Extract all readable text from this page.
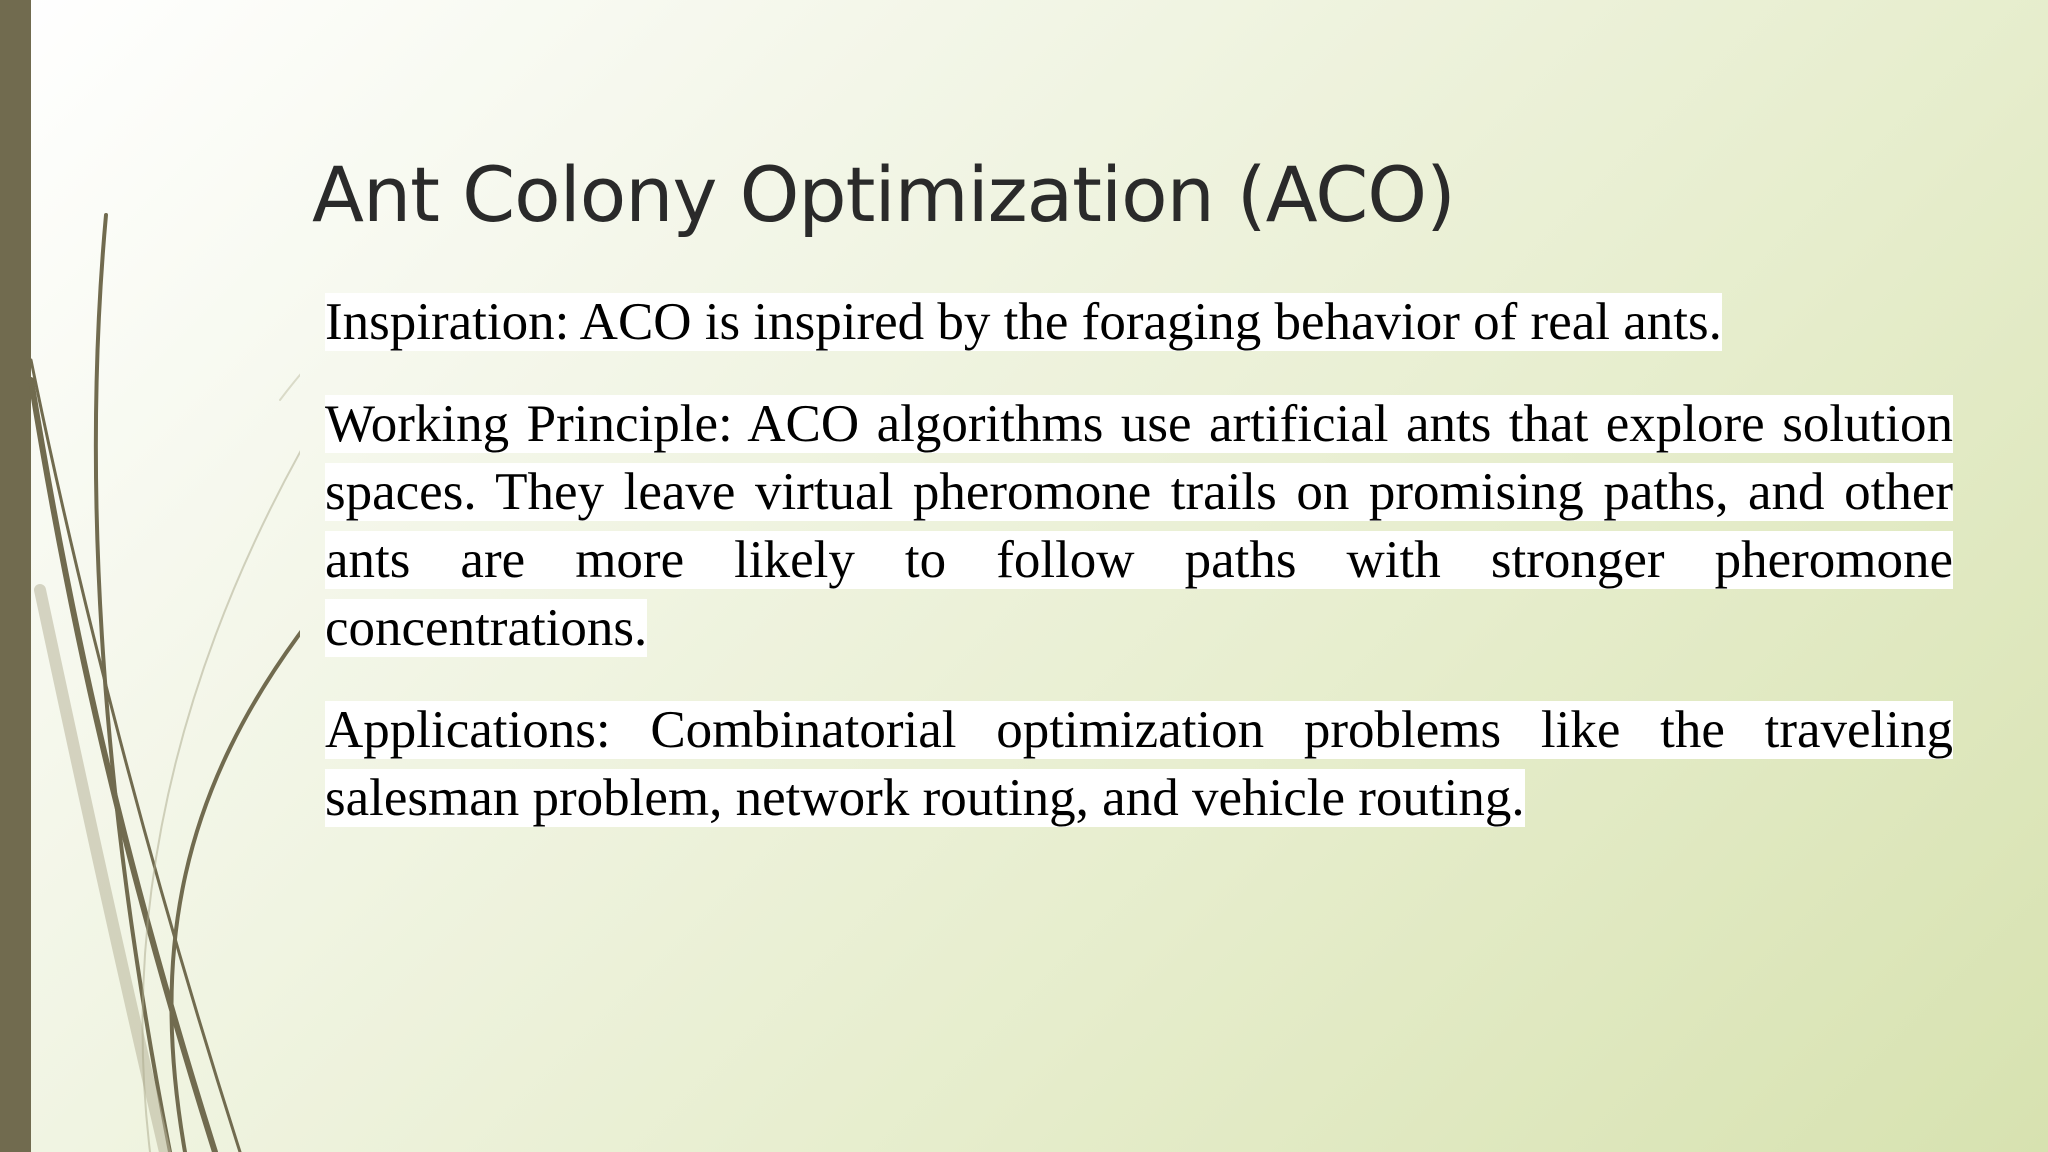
Ant Colony Optimization (ACO)

Inspiration: ACO is inspired by the foraging behavior of real ants.

Working Principle: ACO algorithms use artificial ants that explore solution spaces. They leave virtual pheromone trails on promising paths, and other ants are more likely to follow paths with stronger pheromone concentrations.

Applications: Combinatorial optimization problems like the traveling salesman problem, network routing, and vehicle routing.
